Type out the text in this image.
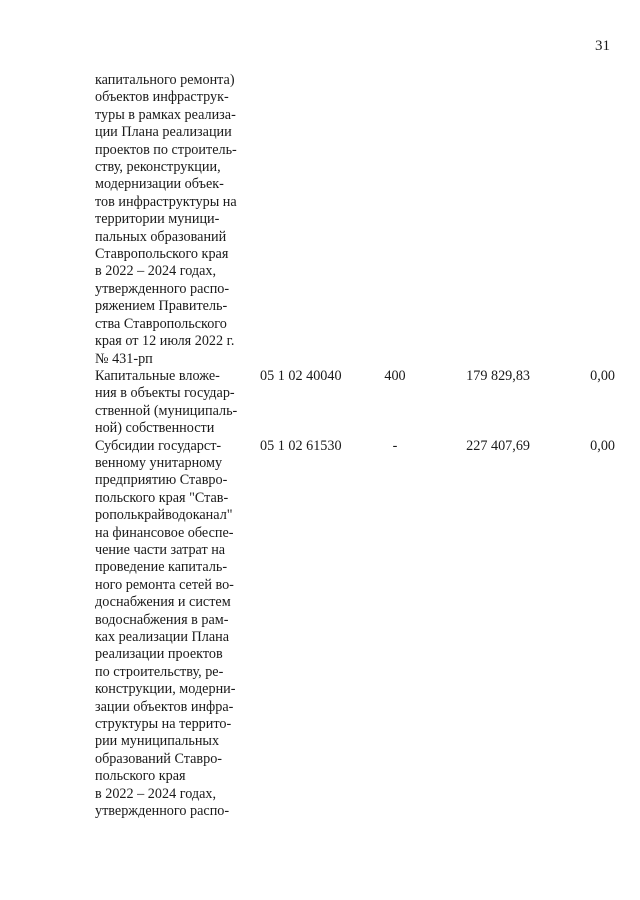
31
капитального ремонта)
объектов инфраструк-
туры в рамках реализа-
ции Плана реализации
проектов по строитель-
ству, реконструкции,
модернизации объек-
тов инфраструктуры на
территории муници-
пальных образований
Ставропольского края
в 2022 – 2024 годах,
утвержденного распо-
ряжением Правитель-
ства Ставропольского
края от 12 июля 2022 г.
№ 431-рп
Капитальные вложе-
ния в объекты государ-
ственной (муниципаль-
ной) собственности
05 1 02 40040	400	179 829,83	0,00
Субсидии государст-
венному унитарному
предприятию Ставро-
польского края "Став-
рополькрайводоканал"
на финансовое обеспе-
чение части затрат на
проведение капиталь-
ного ремонта сетей во-
доснабжения и систем
водоснабжения в рам-
ках реализации Плана
реализации проектов
по строительству, ре-
конструкции, модерни-
зации объектов инфра-
структуры на террито-
рии муниципальных
образований Ставро-
польского края
в 2022 – 2024 годах,
утвержденного распо-
05 1 02 61530	-	227 407,69	0,00
